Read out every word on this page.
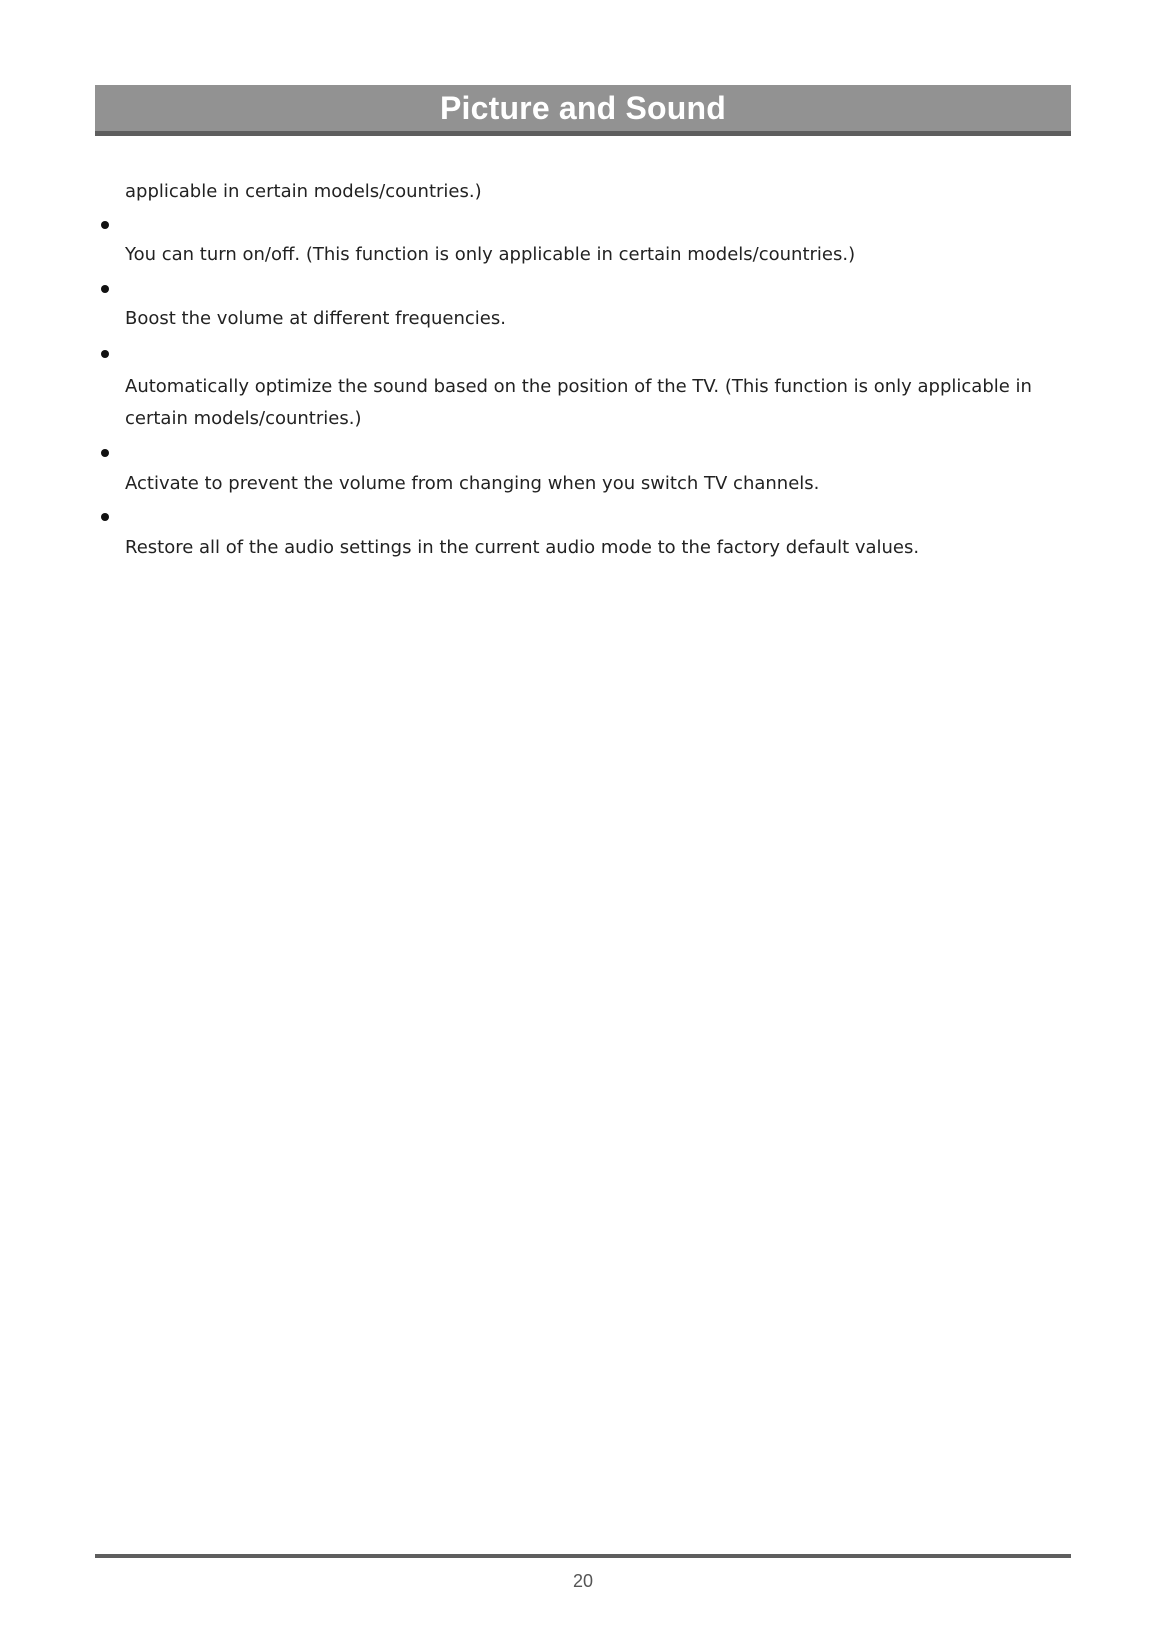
Picture and Sound
applicable in certain models/countries.)
You can turn on/off. (This function is only applicable in certain models/countries.)
Boost the volume at different frequencies.
Automatically optimize the sound based on the position of the TV. (This function is only applicable in
certain models/countries.)
Activate to prevent the volume from changing when you switch TV channels.
Restore all of the audio settings in the current audio mode to the factory default values.
20
